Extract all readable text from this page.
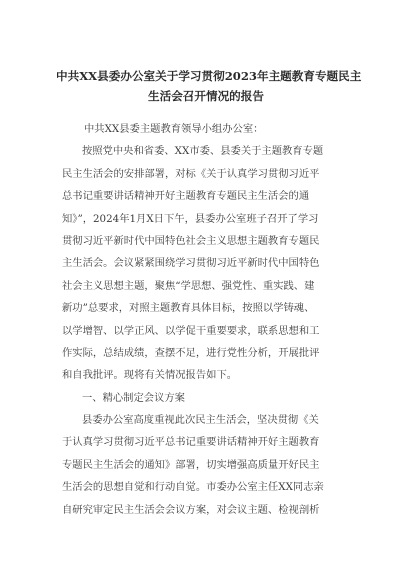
中共XX县委办公室关于学习贯彻2023年主题教育专题民主
生活会召开情况的报告
中共XX县委主题教育领导小组办公室：
按照党中央和省委、XX市委、县委关于主题教育专题
民主生活会的安排部署，对标《关于认真学习贯彻习近平
总书记重要讲话精神开好主题教育专题民主生活会的通
知》”，2024年1月X日下午，县委办公室班子召开了学习
贯彻习近平新时代中国特色社会主义思想主题教育专题民
主生活会。会议紧紧围绕学习贯彻习近平新时代中国特色
社会主义思想主题，聚焦“学思想、强党性、重实践、建
新功”总要求，对照主题教育具体目标，按照以学铸魂、
以学增智、以学正风、以学促干重要要求，联系思想和工
作实际，总结成绩，查摆不足，进行党性分析，开展批评
和自我批评。现将有关情况报告如下。
一、精心制定会议方案
县委办公室高度重视此次民主生活会，坚决贯彻《关
于认真学习贯彻习近平总书记重要讲话精神开好主题教育
专题民主生活会的通知》部署，切实增强高质量开好民主
生活会的思想自觉和行动自觉。市委办公室主任XX同志亲
自研究审定民主生活会会议方案，对会议主题、检视剖析
